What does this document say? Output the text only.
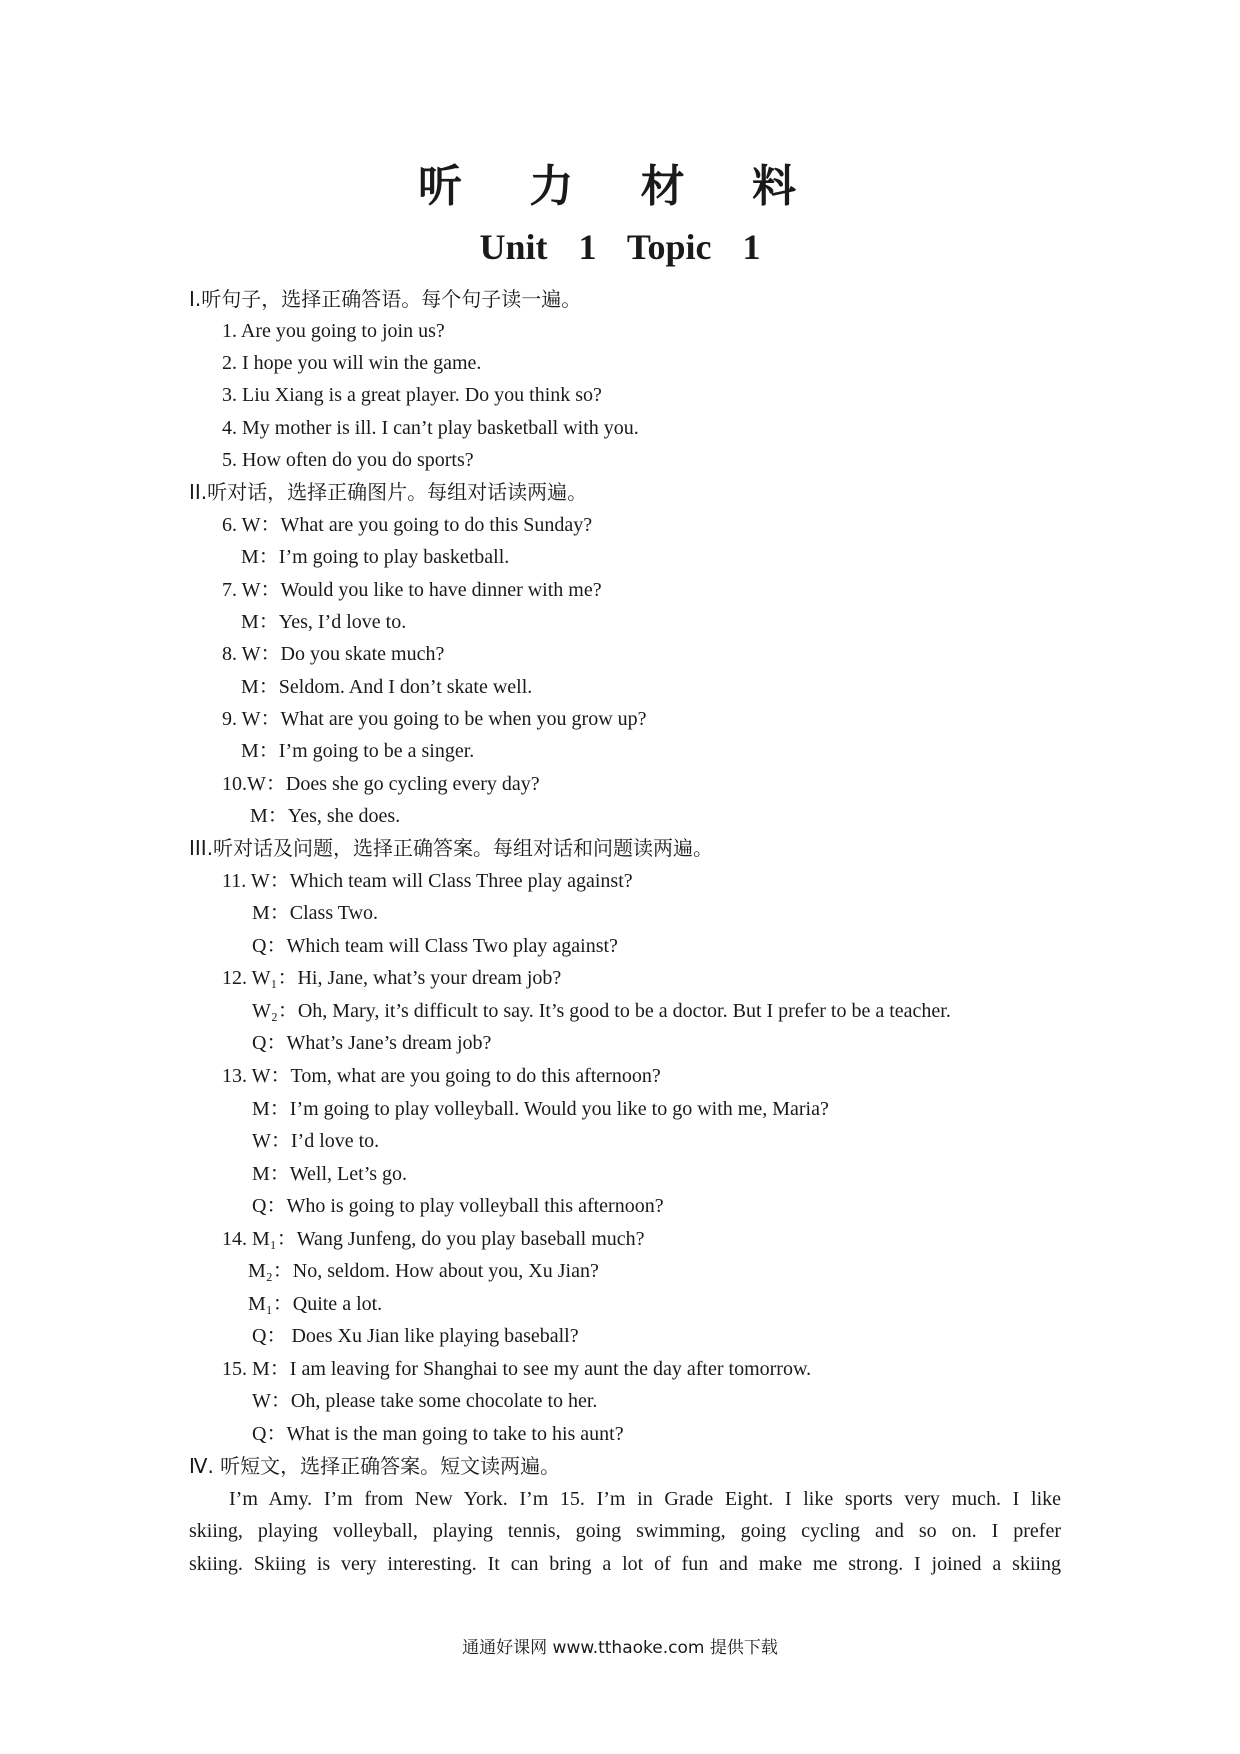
听 力 材 料
Unit 1 Topic 1
I.听句子，选择正确答语。每个句子读一遍。
1. Are you going to join us?
2. I hope you will win the game.
3. Liu Xiang is a great player. Do you think so?
4. My mother is ill. I can’t play basketball with you.
5. How often do you do sports?
II.听对话，选择正确图片。每组对话读两遍。
6. W：What are you going to do this Sunday?
M：I’m going to play basketball.
7. W：Would you like to have dinner with me?
M：Yes, I’d love to.
8. W：Do you skate much?
M：Seldom. And I don’t skate well.
9. W：What are you going to be when you grow up?
M：I’m going to be a singer.
10.W：Does she go cycling every day?
M：Yes, she does.
III.听对话及问题，选择正确答案。每组对话和问题读两遍。
11. W：Which team will Class Three play against?
M：Class Two.
Q：Which team will Class Two play against?
12. W₁：Hi, Jane, what’s your dream job?
W₂：Oh, Mary, it’s difficult to say. It’s good to be a doctor. But I prefer to be a teacher.
Q：What’s Jane’s dream job?
13. W：Tom, what are you going to do this afternoon?
M：I’m going to play volleyball. Would you like to go with me, Maria?
W：I’d love to.
M：Well, Let’s go.
Q：Who is going to play volleyball this afternoon?
14. M₁：Wang Junfeng, do you play baseball much?
M₂：No, seldom. How about you, Xu Jian?
M₁：Quite a lot.
Q： Does Xu Jian like playing baseball?
15. M：I am leaving for Shanghai to see my aunt the day after tomorrow.
W：Oh, please take some chocolate to her.
Q：What is the man going to take to his aunt?
Ⅳ. 听短文，选择正确答案。短文读两遍。
I’m Amy. I’m from New York. I’m 15. I’m in Grade Eight. I like sports very much. I like
skiing, playing volleyball, playing tennis, going swimming, going cycling and so on. I prefer
skiing. Skiing is very interesting. It can bring a lot of fun and make me strong. I joined a skiing
通通好课网 www.tthaoke.com 提供下载
